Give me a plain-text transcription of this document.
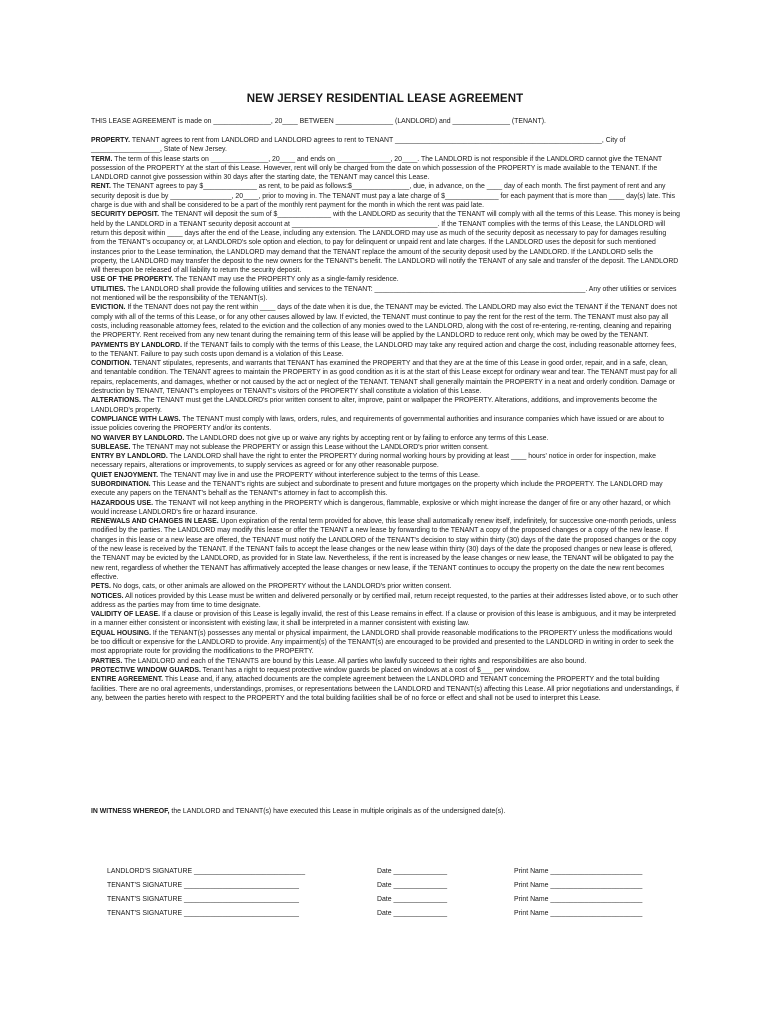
NEW JERSEY RESIDENTIAL LEASE AGREEMENT

THIS LEASE AGREEMENT is made on _______________, 20____ BETWEEN _______________ (LANDLORD) and _______________ (TENANT).

PROPERTY. TENANT agrees to rent from LANDLORD and LANDLORD agrees to rent to TENANT ______________________________________________________, City of __________________, State of New Jersey.

TERM. The term of this lease starts on _______________, 20____ and ends on ______________, 20____. The LANDLORD is not responsible if the LANDLORD cannot give the TENANT possession of the PROPERTY at the start of this Lease. However, rent will only be charged from the date on which possession of the PROPERTY is made available to the TENANT. If the LANDLORD cannot give possession within 30 days after the starting date, the TENANT may cancel this Lease.

RENT. The TENANT agrees to pay $______________ as rent, to be paid as follows:$_______________, due, in advance, on the ____ day of each month. The first payment of rent and any security deposit is due by ________________, 20____, prior to moving in. The TENANT must pay a late charge of $______________ for each payment that is more than ____ day(s) late. This charge is due with and shall be considered to be a part of the monthly rent payment for the month in which the rent was paid late.

SECURITY DEPOSIT. The TENANT will deposit the sum of $______________ with the LANDLORD as security that the TENANT will comply with all the terms of this Lease. This money is being held by the LANDLORD in a TENANT security deposit account at ______________________________________. If the TENANT complies with the terms of this Lease, the LANDLORD will return this deposit within ____ days after the end of the Lease, including any extension. The LANDLORD may use as much of the security deposit as necessary to pay for damages resulting from the TENANT's occupancy or, at LANDLORD's sole option and election, to pay for delinquent or unpaid rent and late charges. If the LANDLORD uses the deposit for such mentioned instances prior to the Lease termination, the LANDLORD may demand that the TENANT replace the amount of the security deposit used by the LANDLORD. If the LANDLORD sells the property, the LANDLORD may transfer the deposit to the new owners for the TENANT's benefit. The LANDLORD will notify the TENANT of any sale and transfer of the deposit. The LANDLORD will thereupon be released of all liability to return the security deposit.

USE OF THE PROPERTY. The TENANT may use the PROPERTY only as a single-family residence.

UTILITIES. The LANDLORD shall provide the following utilities and services to the TENANT: _______________________________________________________. Any other utilities or services not mentioned will be the responsibility of the TENANT(s).

EVICTION. If the TENANT does not pay the rent within ____ days of the date when it is due, the TENANT may be evicted. The LANDLORD may also evict the TENANT if the TENANT does not comply with all of the terms of this Lease, or for any other causes allowed by law. If evicted, the TENANT must continue to pay the rent for the rest of the term. The TENANT must also pay all costs, including reasonable attorney fees, related to the eviction and the collection of any monies owed to the LANDLORD, along with the cost of re-entering, re-renting, cleaning and repairing the PROPERTY. Rent received from any new tenant during the remaining term of this lease will be applied by the LANDLORD to reduce rent only, which may be owed by the TENANT.

PAYMENTS BY LANDLORD. If the TENANT fails to comply with the terms of this Lease, the LANDLORD may take any required action and charge the cost, including reasonable attorney fees, to the TENANT. Failure to pay such costs upon demand is a violation of this Lease.

CONDITION. TENANT stipulates, represents, and warrants that TENANT has examined the PROPERTY and that they are at the time of this Lease in good order, repair, and in a safe, clean, and tenantable condition. The TENANT agrees to maintain the PROPERTY in as good condition as it is at the start of this Lease except for ordinary wear and tear. The TENANT must pay for all repairs, replacements, and damages, whether or not caused by the act or neglect of the TENANT. TENANT shall generally maintain the PROPERTY in a neat and orderly condition. Damage or destruction by TENANT, TENANT's employees or TENANT's visitors of the PROPERTY shall constitute a violation of this Lease.

ALTERATIONS. The TENANT must get the LANDLORD's prior written consent to alter, improve, paint or wallpaper the PROPERTY. Alterations, additions, and improvements become the LANDLORD's property.

COMPLIANCE WITH LAWS. The TENANT must comply with laws, orders, rules, and requirements of governmental authorities and insurance companies which have issued or are about to issue policies covering the PROPERTY and/or its contents.

NO WAIVER BY LANDLORD. The LANDLORD does not give up or waive any rights by accepting rent or by failing to enforce any terms of this Lease.

SUBLEASE. The TENANT may not sublease the PROPERTY or assign this Lease without the LANDLORD's prior written consent.

ENTRY BY LANDLORD. The LANDLORD shall have the right to enter the PROPERTY during normal working hours by providing at least ____ hours' notice in order for inspection, make necessary repairs, alterations or improvements, to supply services as agreed or for any other reasonable purpose.

QUIET ENJOYMENT. The TENANT may live in and use the PROPERTY without interference subject to the terms of this Lease.

SUBORDINATION. This Lease and the TENANT's rights are subject and subordinate to present and future mortgages on the property which include the PROPERTY. The LANDLORD may execute any papers on the TENANT's behalf as the TENANT's attorney in fact to accomplish this.

HAZARDOUS USE. The TENANT will not keep anything in the PROPERTY which is dangerous, flammable, explosive or which might increase the danger of fire or any other hazard, or which would increase LANDLORD's fire or hazard insurance.

RENEWALS AND CHANGES IN LEASE. Upon expiration of the rental term provided for above, this lease shall automatically renew itself, indefinitely, for successive one-month periods, unless modified by the parties. The LANDLORD may modify this lease or offer the TENANT a new lease by forwarding to the TENANT a copy of the proposed changes or a copy of the new lease. If changes in this lease or a new lease are offered, the TENANT must notify the LANDLORD of the TENANT's decision to stay within thirty (30) days of the date the proposed changes or the copy of the new lease is received by the TENANT. If the TENANT fails to accept the lease changes or the new lease within thirty (30) days of the date the proposed changes or new lease is offered, the TENANT may be evicted by the LANDLORD, as provided for in State law. Nevertheless, if the rent is increased by the lease changes or new lease, the TENANT will be obligated to pay the new rent, regardless of whether the TENANT has affirmatively accepted the lease changes or new lease, if the TENANT continues to occupy the property on the date the new rent becomes effective.

PETS. No dogs, cats, or other animals are allowed on the PROPERTY without the LANDLORD's prior written consent.

NOTICES. All notices provided by this Lease must be written and delivered personally or by certified mail, return receipt requested, to the parties at their addresses listed above, or to such other address as the parties may from time to time designate.

VALIDITY OF LEASE. If a clause or provision of this Lease is legally invalid, the rest of this Lease remains in effect. If a clause or provision of this lease is ambiguous, and it may be interpreted in a manner either consistent or inconsistent with existing law, it shall be interpreted in a manner consistent with existing law.

EQUAL HOUSING. If the TENANT(s) possesses any mental or physical impairment, the LANDLORD shall provide reasonable modifications to the PROPERTY unless the modifications would be too difficult or expensive for the LANDLORD to provide. Any impairment(s) of the TENANT(s) are encouraged to be provided and presented to the LANDLORD in writing in order to seek the most appropriate route for providing the modifications to the PROPERTY.

PARTIES. The LANDLORD and each of the TENANTS are bound by this Lease. All parties who lawfully succeed to their rights and responsibilities are also bound.

PROTECTIVE WINDOW GUARDS. Tenant has a right to request protective window guards be placed on windows at a cost of $___ per window.

ENTIRE AGREEMENT. This Lease and, if any, attached documents are the complete agreement between the LANDLORD and TENANT concerning the PROPERTY and the total building facilities. There are no oral agreements, understandings, promises, or representations between the LANDLORD and TENANT(s) affecting this Lease. All prior negotiations and understandings, if any, between the parties hereto with respect to the PROPERTY and the total building facilities shall be of no force or effect and shall not be used to interpret this Lease.

IN WITNESS WHEREOF, the LANDLORD and TENANT(s) have executed this Lease in multiple originals as of the undersigned date(s).

LANDLORD'S SIGNATURE _____________________________	Date ______________	Print Name ________________________
TENANT'S SIGNATURE ______________________________	Date ______________	Print Name ________________________
TENANT'S SIGNATURE ______________________________	Date ______________	Print Name ________________________
TENANT'S SIGNATURE ______________________________	Date ______________	Print Name ________________________
